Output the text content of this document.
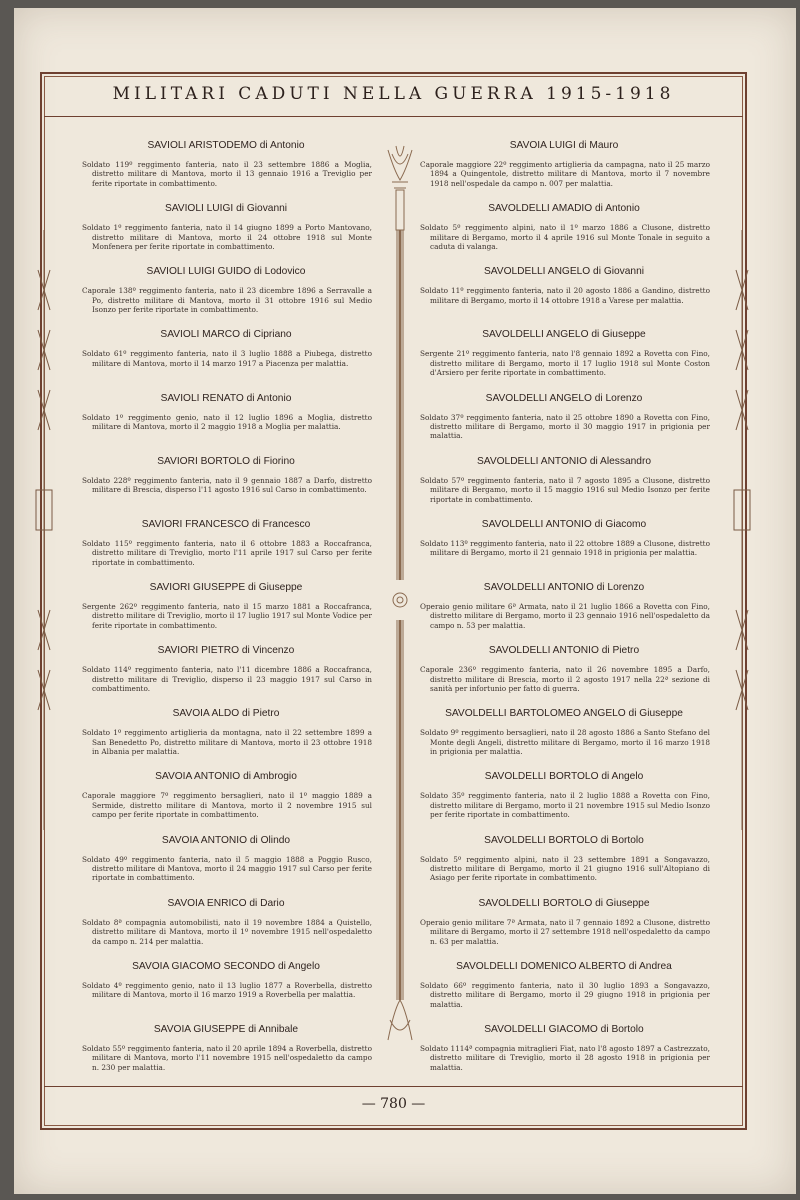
MILITARI CADUTI NELLA GUERRA 1915-1918
— 780 —
SAVIOLI ARISTODEMO di Antonio
Soldato 119º reggimento fanteria, nato il 23 settembre 1886 a Moglia, distretto militare di Mantova, morto il 13 gennaio 1916 a Treviglio per ferite riportate in combattimento.
SAVIOLI LUIGI di Giovanni
Soldato 1º reggimento fanteria, nato il 14 giugno 1899 a Porto Mantovano, distretto militare di Mantova, morto il 24 ottobre 1918 sul Monte Monfenera per ferite riportate in combattimento.
SAVIOLI LUIGI GUIDO di Lodovico
Caporale 138º reggimento fanteria, nato il 23 dicembre 1896 a Serravalle a Po, distretto militare di Mantova, morto il 31 ottobre 1916 sul Medio Isonzo per ferite riportate in combattimento.
SAVIOLI MARCO di Cipriano
Soldato 61º reggimento fanteria, nato il 3 luglio 1888 a Piubega, distretto militare di Mantova, morto il 14 marzo 1917 a Piacenza per malattia.
SAVIOLI RENATO di Antonio
Soldato 1º reggimento genio, nato il 12 luglio 1896 a Moglia, distretto militare di Mantova, morto il 2 maggio 1918 a Moglia per malattia.
SAVIORI BORTOLO di Fiorino
Soldato 228º reggimento fanteria, nato il 9 gennaio 1887 a Darfo, distretto militare di Brescia, disperso l'11 agosto 1916 sul Carso in combattimento.
SAVIORI FRANCESCO di Francesco
Soldato 115º reggimento fanteria, nato il 6 ottobre 1883 a Roccafranca, distretto militare di Treviglio, morto l'11 aprile 1917 sul Carso per ferite riportate in combattimento.
SAVIORI GIUSEPPE di Giuseppe
Sergente 262º reggimento fanteria, nato il 15 marzo 1881 a Roccafranca, distretto militare di Treviglio, morto il 17 luglio 1917 sul Monte Vodice per ferite riportate in combattimento.
SAVIORI PIETRO di Vincenzo
Soldato 114º reggimento fanteria, nato l'11 dicembre 1886 a Roccafranca, distretto militare di Treviglio, disperso il 23 maggio 1917 sul Carso in combattimento.
SAVOIA ALDO di Pietro
Soldato 1º reggimento artiglieria da montagna, nato il 22 settembre 1899 a San Benedetto Po, distretto militare di Mantova, morto il 23 ottobre 1918 in Albania per malattia.
SAVOIA ANTONIO di Ambrogio
Caporale maggiore 7º reggimento bersaglieri, nato il 1º maggio 1889 a Sermide, distretto militare di Mantova, morto il 2 novembre 1915 sul campo per ferite riportate in combattimento.
SAVOIA ANTONIO di Olindo
Soldato 49º reggimento fanteria, nato il 5 maggio 1888 a Poggio Rusco, distretto militare di Mantova, morto il 24 maggio 1917 sul Carso per ferite riportate in combattimento.
SAVOIA ENRICO di Dario
Soldato 8ª compagnia automobilisti, nato il 19 novembre 1884 a Quistello, distretto militare di Mantova, morto il 1º novembre 1915 nell'ospedaletto da campo n. 214 per malattia.
SAVOIA GIACOMO SECONDO di Angelo
Soldato 4º reggimento genio, nato il 13 luglio 1877 a Roverbella, distretto militare di Mantova, morto il 16 marzo 1919 a Roverbella per malattia.
SAVOIA GIUSEPPE di Annibale
Soldato 55º reggimento fanteria, nato il 20 aprile 1894 a Roverbella, distretto militare di Mantova, morto l'11 novembre 1915 nell'ospedaletto da campo n. 230 per malattia.
SAVOIA LUIGI di Mauro
Caporale maggiore 22º reggimento artiglieria da campagna, nato il 25 marzo 1894 a Quingentole, distretto militare di Mantova, morto il 7 novembre 1918 nell'ospedale da campo n. 007 per malattia.
SAVOLDELLI AMADIO di Antonio
Soldato 5º reggimento alpini, nato il 1º marzo 1886 a Clusone, distretto militare di Bergamo, morto il 4 aprile 1916 sul Monte Tonale in seguito a caduta di valanga.
SAVOLDELLI ANGELO di Giovanni
Soldato 11º reggimento fanteria, nato il 20 agosto 1886 a Gandino, distretto militare di Bergamo, morto il 14 ottobre 1918 a Varese per malattia.
SAVOLDELLI ANGELO di Giuseppe
Sergente 21º reggimento fanteria, nato l'8 gennaio 1892 a Rovetta con Fino, distretto militare di Bergamo, morto il 17 luglio 1918 sul Monte Coston d'Arsiero per ferite riportate in combattimento.
SAVOLDELLI ANGELO di Lorenzo
Soldato 37º reggimento fanteria, nato il 25 ottobre 1890 a Rovetta con Fino, distretto militare di Bergamo, morto il 30 maggio 1917 in prigionia per malattia.
SAVOLDELLI ANTONIO di Alessandro
Soldato 57º reggimento fanteria, nato il 7 agosto 1895 a Clusone, distretto militare di Bergamo, morto il 15 maggio 1916 sul Medio Isonzo per ferite riportate in combattimento.
SAVOLDELLI ANTONIO di Giacomo
Soldato 113º reggimento fanteria, nato il 22 ottobre 1889 a Clusone, distretto militare di Bergamo, morto il 21 gennaio 1918 in prigionia per malattia.
SAVOLDELLI ANTONIO di Lorenzo
Operaio genio militare 6ª Armata, nato il 21 luglio 1866 a Rovetta con Fino, distretto militare di Bergamo, morto il 23 gennaio 1916 nell'ospedaletto da campo n. 53 per malattia.
SAVOLDELLI ANTONIO di Pietro
Caporale 236º reggimento fanteria, nato il 26 novembre 1895 a Darfo, distretto militare di Brescia, morto il 2 agosto 1917 nella 22ª sezione di sanità per infortunio per fatto di guerra.
SAVOLDELLI BARTOLOMEO ANGELO di Giuseppe
Soldato 9º reggimento bersaglieri, nato il 28 agosto 1886 a Santo Stefano del Monte degli Angeli, distretto militare di Bergamo, morto il 16 marzo 1918 in prigionia per malattia.
SAVOLDELLI BORTOLO di Angelo
Soldato 35º reggimento fanteria, nato il 2 luglio 1888 a Rovetta con Fino, distretto militare di Bergamo, morto il 21 novembre 1915 sul Medio Isonzo per ferite riportate in combattimento.
SAVOLDELLI BORTOLO di Bortolo
Soldato 5º reggimento alpini, nato il 23 settembre 1891 a Songavazzo, distretto militare di Bergamo, morto il 21 giugno 1916 sull'Altopiano di Asiago per ferite riportate in combattimento.
SAVOLDELLI BORTOLO di Giuseppe
Operaio genio militare 7ª Armata, nato il 7 gennaio 1892 a Clusone, distretto militare di Bergamo, morto il 27 settembre 1918 nell'ospedaletto da campo n. 63 per malattia.
SAVOLDELLI DOMENICO ALBERTO di Andrea
Soldato 66º reggimento fanteria, nato il 30 luglio 1893 a Songavazzo, distretto militare di Bergamo, morto il 29 giugno 1918 in prigionia per malattia.
SAVOLDELLI GIACOMO di Bortolo
Soldato 1114ª compagnia mitraglieri Fiat, nato l'8 agosto 1897 a Castrezzato, distretto militare di Treviglio, morto il 28 agosto 1918 in prigionia per malattia.
